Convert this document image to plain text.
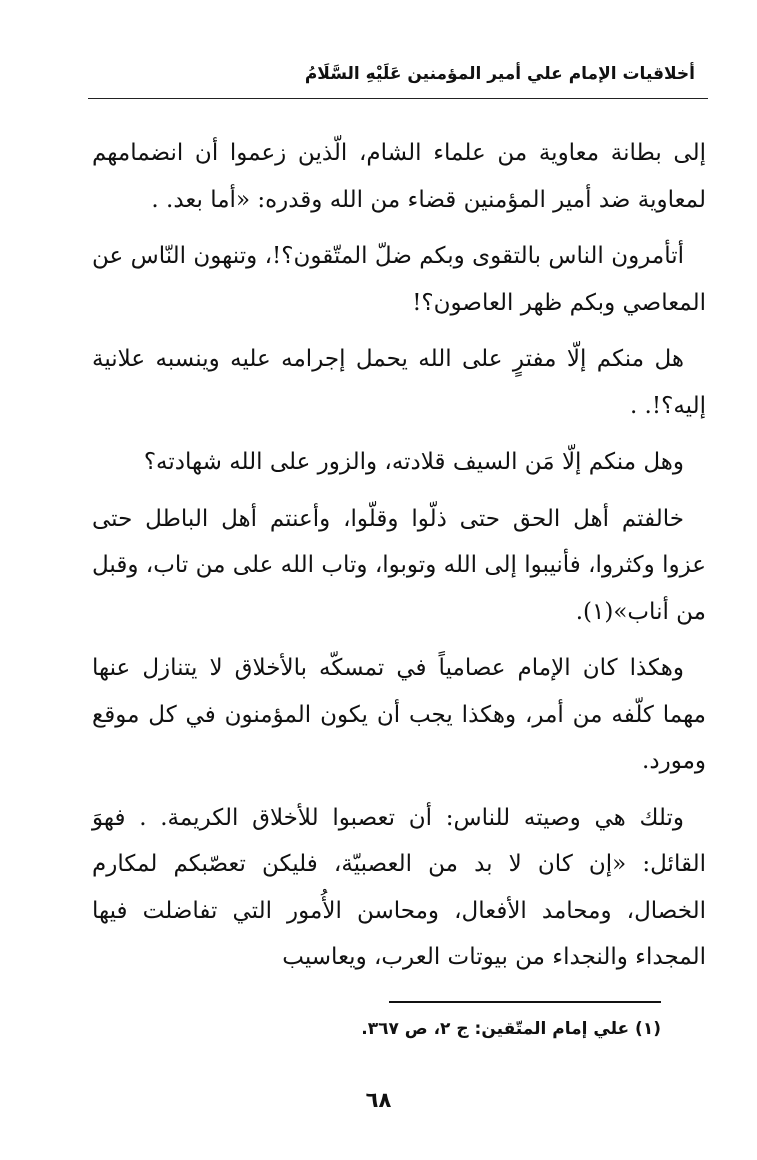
أخلاقيات الإمام علي أمير المؤمنين عَلَيْهِ السَّلَامُ

إلى بطانة معاوية من علماء الشام، الّذين زعموا أن انضمامهم لمعاوية ضد أمير المؤمنين قضاء من الله وقدره: «أما بعد. .

أتأمرون الناس بالتقوى وبكم ضلّ المتّقون؟!، وتنهون النّاس عن المعاصي وبكم ظهر العاصون؟!

هل منكم إلّا مفترٍ على الله يحمل إجرامه عليه وينسبه علانية إليه؟!. .

وهل منكم إلّا مَن السيف قلادته، والزور على الله شهادته؟

خالفتم أهل الحق حتى ذلّوا وقلّوا، وأعنتم أهل الباطل حتى عزوا وكثروا، فأنيبوا إلى الله وتوبوا، وتاب الله على من تاب، وقبل من أناب»(١).

وهكذا كان الإمام عصامياً في تمسكّه بالأخلاق لا يتنازل عنها مهما كلّفه من أمر، وهكذا يجب أن يكون المؤمنون في كل موقع ومورد.

وتلك هي وصيته للناس: أن تعصبوا للأخلاق الكريمة. . فهوَ القائل: «إن كان لا بد من العصبيّة، فليكن تعصّبكم لمكارم الخصال، ومحامد الأفعال، ومحاسن الأُمور التي تفاضلت فيها المجداء والنجداء من بيوتات العرب، ويعاسيب

(١) علي إمام المتّقين: ج ٢، ص ٣٦٧.
٦٨
